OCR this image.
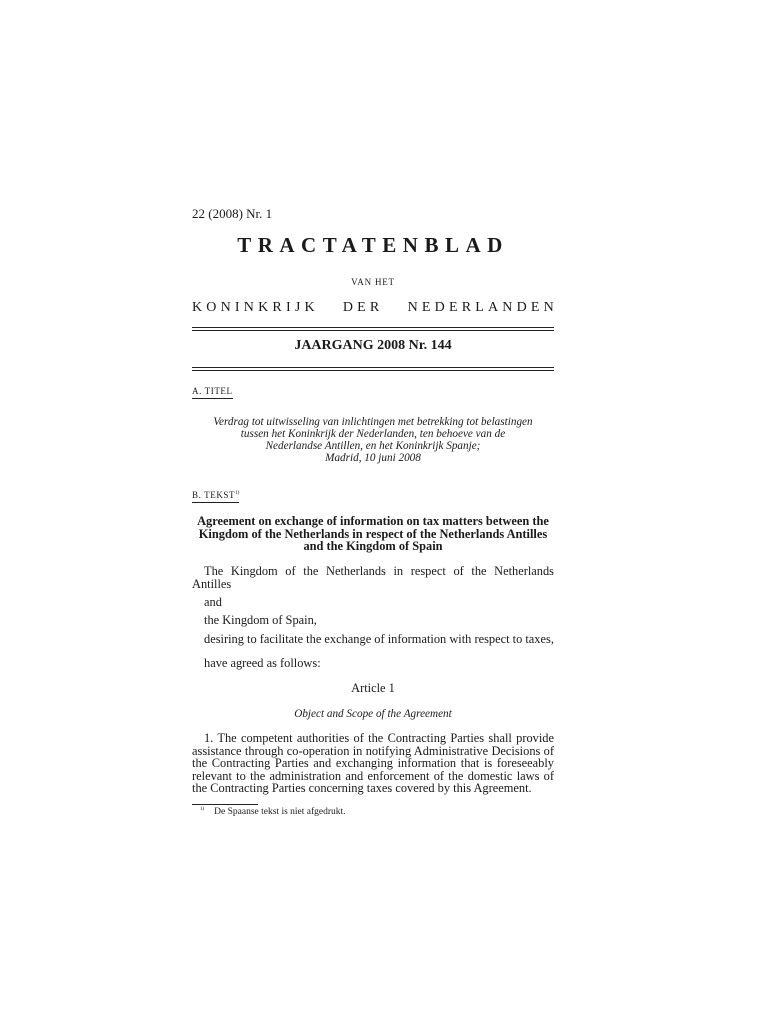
22 (2008) Nr. 1
TRACTATENBLAD
VAN HET
KONINKRIJK DER NEDERLANDEN
JAARGANG 2008 Nr. 144
A. TITEL
Verdrag tot uitwisseling van inlichtingen met betrekking tot belastingen
tussen het Koninkrijk der Nederlanden, ten behoeve van de
Nederlandse Antillen, en het Koninkrijk Spanje;
Madrid, 10 juni 2008
B. TEKST$^{1)}$
Agreement on exchange of information on tax matters between the
Kingdom of the Netherlands in respect of the Netherlands Antilles
and the Kingdom of Spain
The Kingdom of the Netherlands in respect of the Netherlands Antilles
and
the Kingdom of Spain,
desiring to facilitate the exchange of information with respect to taxes,
have agreed as follows:
Article 1
Object and Scope of the Agreement
1. The competent authorities of the Contracting Parties shall provide assistance through co-operation in notifying Administrative Decisions of the Contracting Parties and exchanging information that is foreseeably relevant to the administration and enforcement of the domestic laws of the Contracting Parties concerning taxes covered by this Agreement.
$^{1)}$ De Spaanse tekst is niet afgedrukt.
